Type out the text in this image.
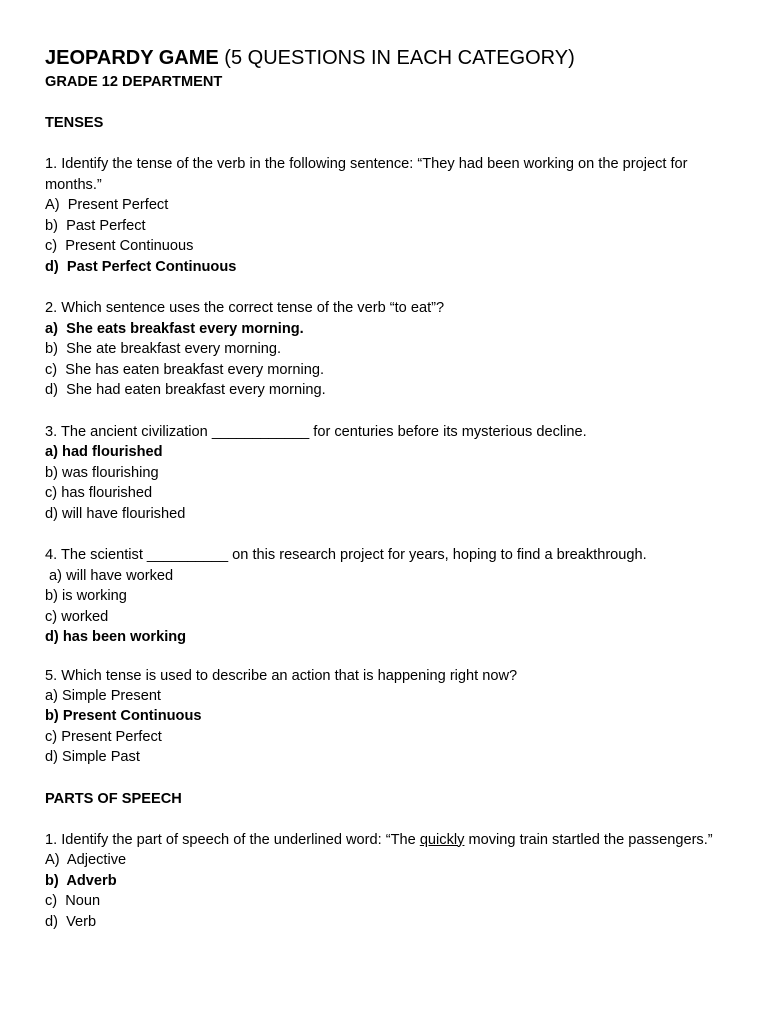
JEOPARDY GAME (5 QUESTIONS IN EACH CATEGORY)
GRADE 12 DEPARTMENT
TENSES
1. Identify the tense of the verb in the following sentence: “They had been working on the project for months.”
A)  Present Perfect
b)  Past Perfect
c)  Present Continuous
d)  Past Perfect Continuous
2. Which sentence uses the correct tense of the verb “to eat”?
a)  She eats breakfast every morning.
b)  She ate breakfast every morning.
c)  She has eaten breakfast every morning.
d)  She had eaten breakfast every morning.
3. The ancient civilization ____________ for centuries before its mysterious decline.
a) had flourished
b) was flourishing
c) has flourished
d) will have flourished
4. The scientist __________ on this research project for years, hoping to find a breakthrough.
a) will have worked
b) is working
c) worked
d) has been working
5. Which tense is used to describe an action that is happening right now?
a) Simple Present
b) Present Continuous
c) Present Perfect
d) Simple Past
PARTS OF SPEECH
1. Identify the part of speech of the underlined word: “The quickly moving train startled the passengers.”
A)  Adjective
b)  Adverb
c)  Noun
d)  Verb
